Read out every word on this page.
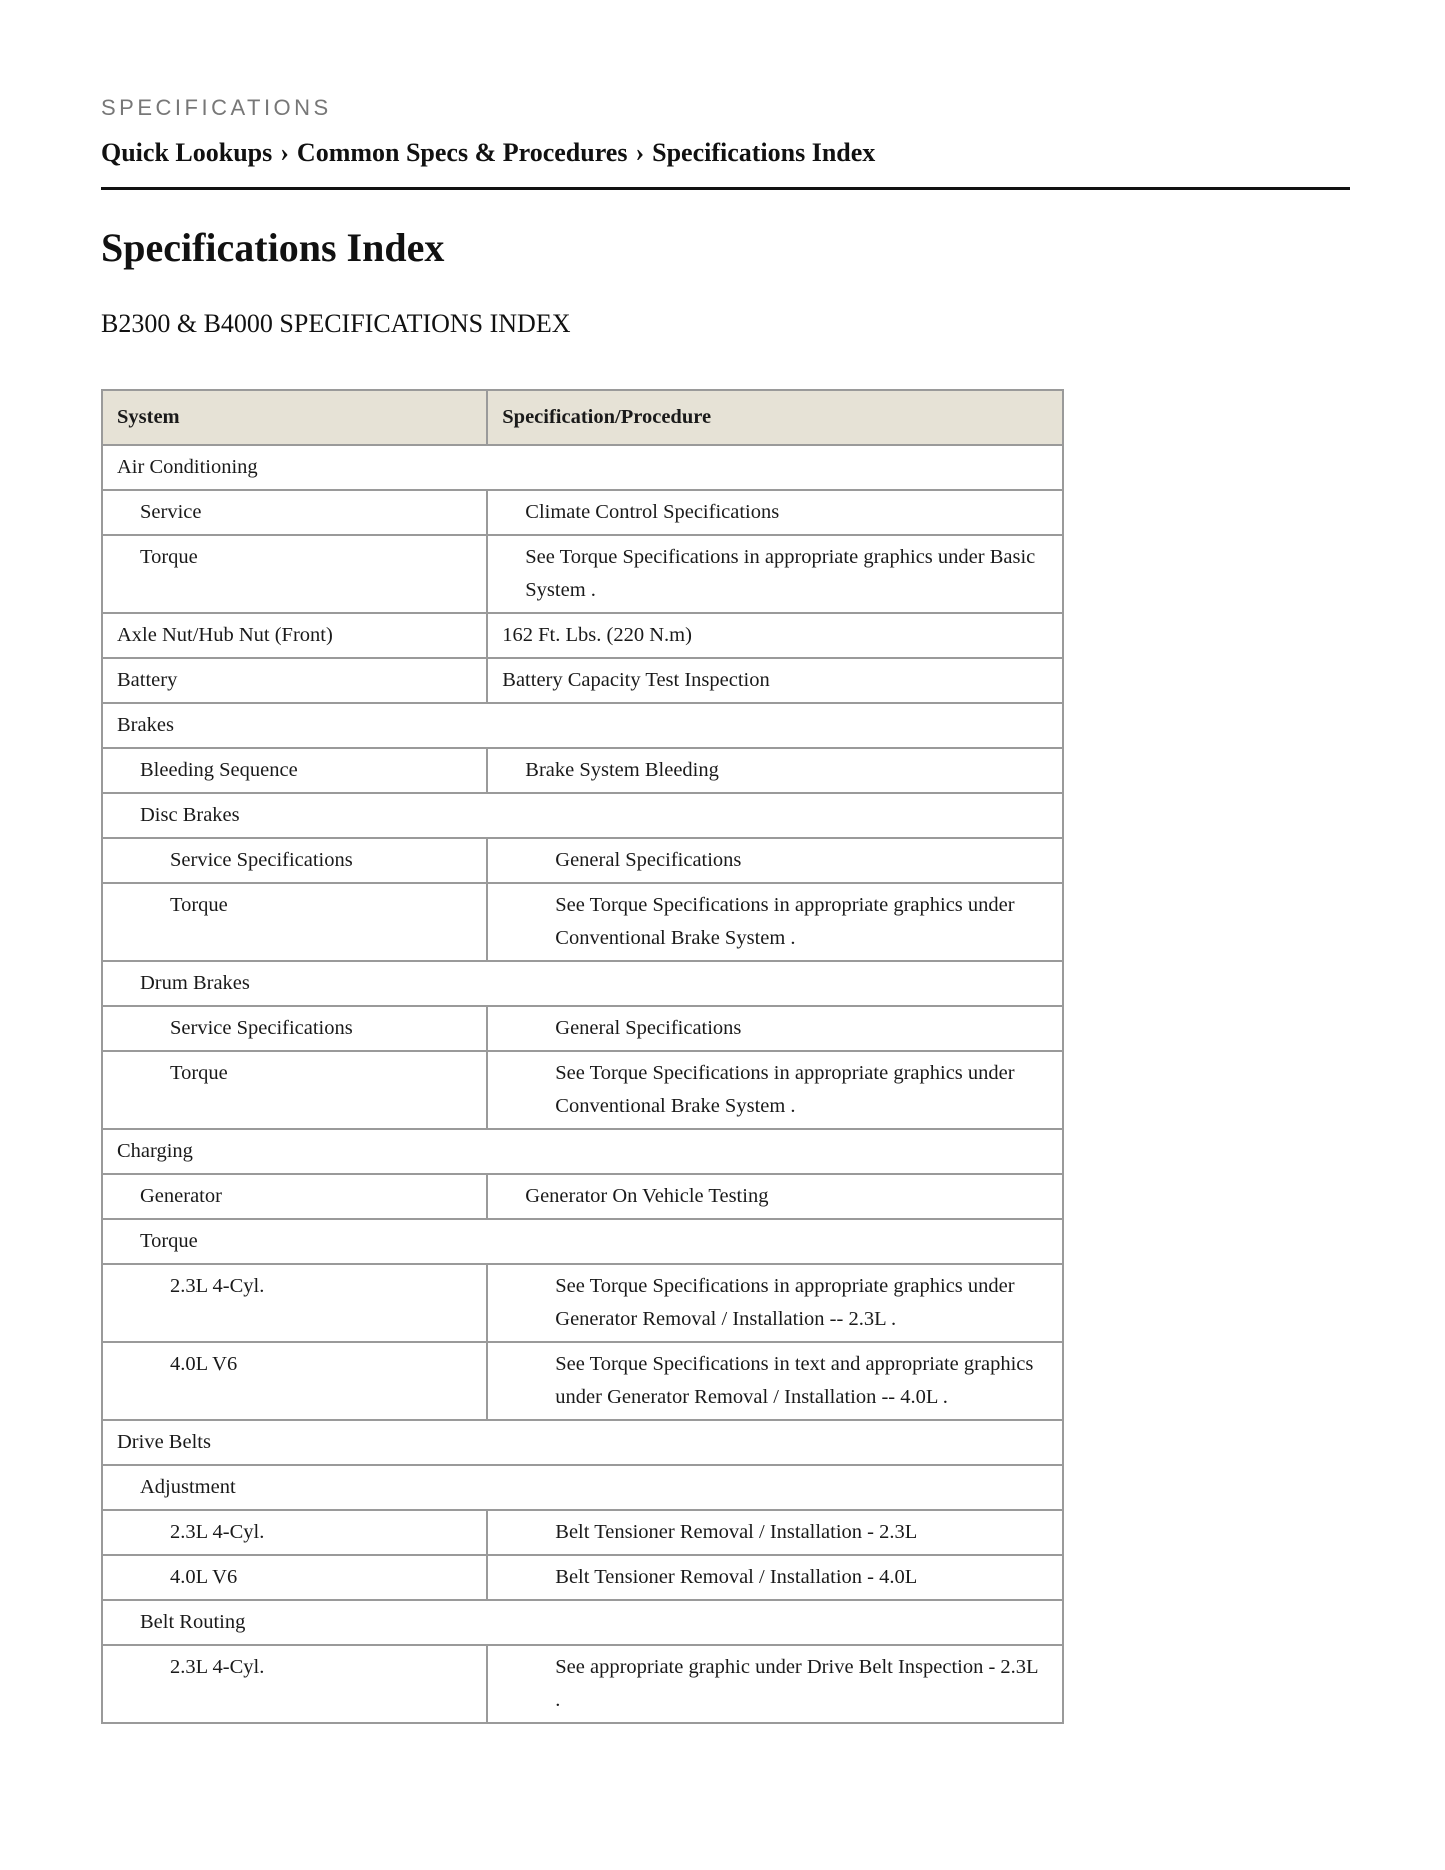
SPECIFICATIONS
Quick Lookups › Common Specs & Procedures › Specifications Index
Specifications Index
B2300 & B4000 SPECIFICATIONS INDEX
System	Specification/Procedure
Air Conditioning	
Service	Climate Control Specifications
Torque	See Torque Specifications in appropriate graphics under Basic System .
Axle Nut/Hub Nut (Front)	162 Ft. Lbs. (220 N.m)
Battery	Battery Capacity Test Inspection
Brakes	
Bleeding Sequence	Brake System Bleeding
Disc Brakes	
Service Specifications	General Specifications
Torque	See Torque Specifications in appropriate graphics under Conventional Brake System .
Drum Brakes	
Service Specifications	General Specifications
Torque	See Torque Specifications in appropriate graphics under Conventional Brake System .
Charging	
Generator	Generator On Vehicle Testing
Torque	
2.3L 4-Cyl.	See Torque Specifications in appropriate graphics under Generator Removal / Installation -- 2.3L .
4.0L V6	See Torque Specifications in text and appropriate graphics under Generator Removal / Installation -- 4.0L .
Drive Belts	
Adjustment	
2.3L 4-Cyl.	Belt Tensioner Removal / Installation - 2.3L
4.0L V6	Belt Tensioner Removal / Installation - 4.0L
Belt Routing	
2.3L 4-Cyl.	See appropriate graphic under Drive Belt Inspection - 2.3L .
